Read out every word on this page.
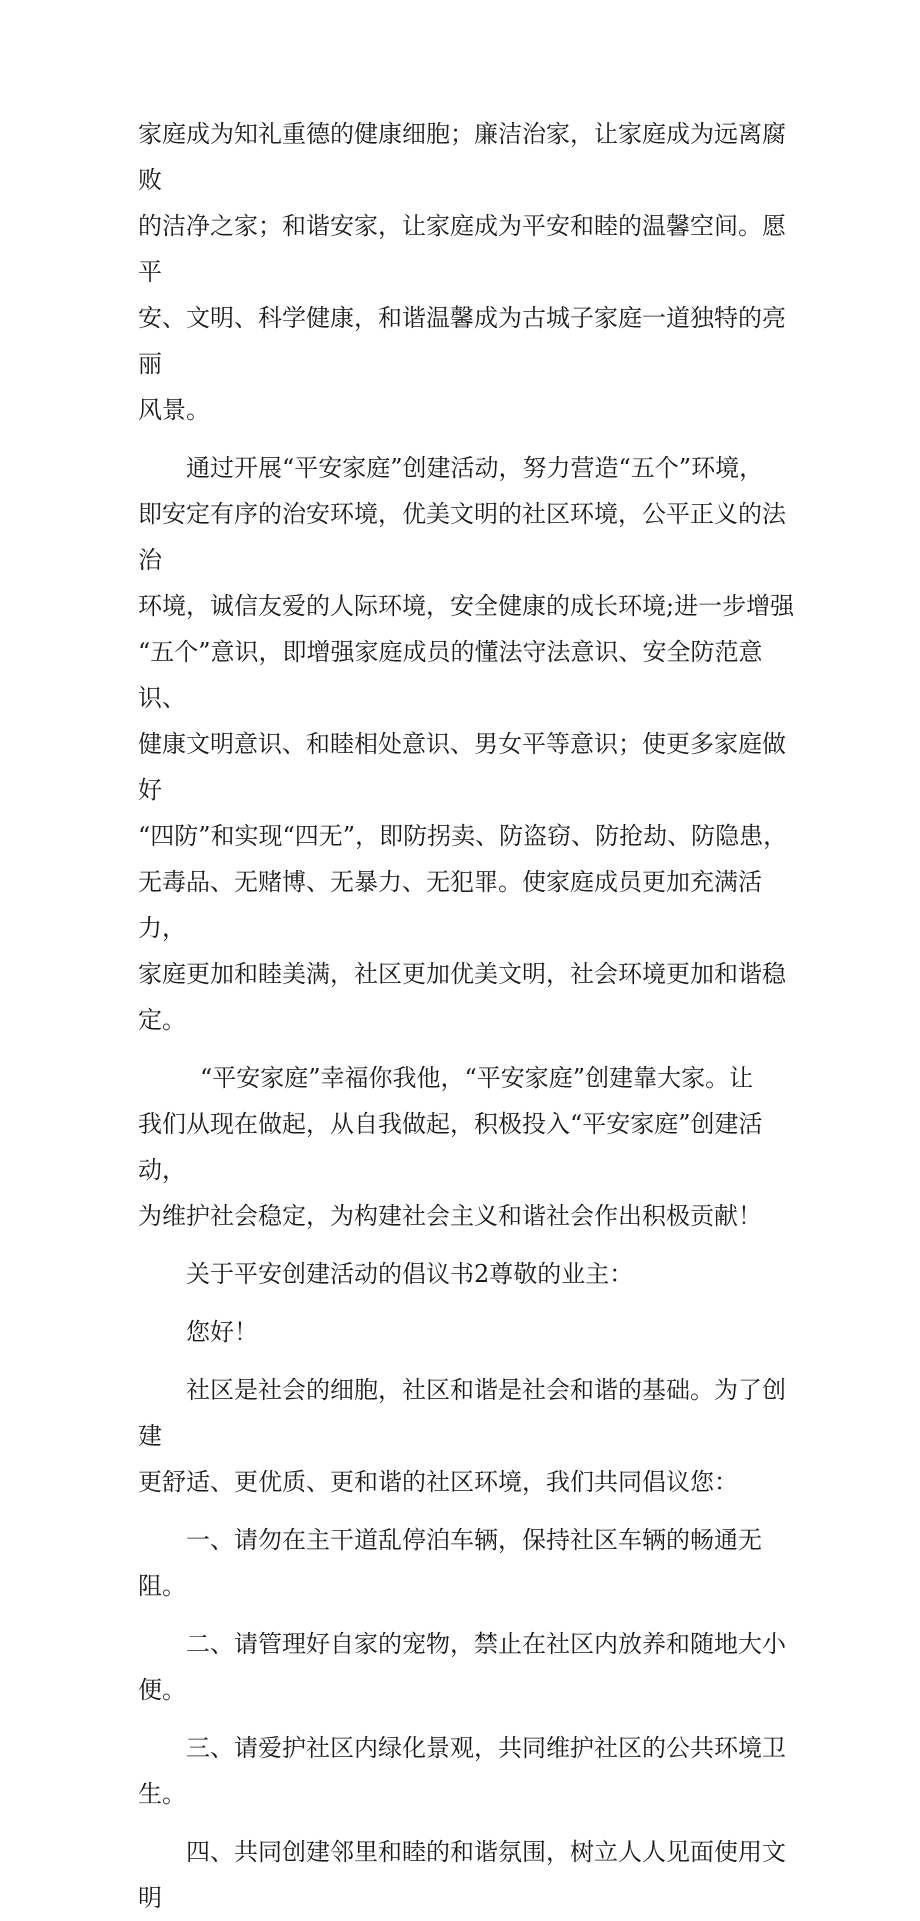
家庭成为知礼重德的健康细胞；廉洁治家，让家庭成为远离腐败
的洁净之家；和谐安家，让家庭成为平安和睦的温馨空间。愿平
安、文明、科学健康，和谐温馨成为古城子家庭一道独特的亮丽
风景。
通过开展“平安家庭”创建活动，努力营造“五个”环境，
即安定有序的治安环境，优美文明的社区环境，公平正义的法治
环境，诚信友爱的人际环境，安全健康的成长环境;进一步增强
“五个”意识，即增强家庭成员的懂法守法意识、安全防范意识、
健康文明意识、和睦相处意识、男女平等意识；使更多家庭做好
“四防”和实现“四无”，即防拐卖、防盗窃、防抢劫、防隐患，
无毒品、无赌博、无暴力、无犯罪。使家庭成员更加充满活力，
家庭更加和睦美满，社区更加优美文明，社会环境更加和谐稳定。
“平安家庭”幸福你我他，“平安家庭”创建靠大家。让
我们从现在做起，从自我做起，积极投入“平安家庭”创建活动，
为维护社会稳定，为构建社会主义和谐社会作出积极贡献！
关于平安创建活动的倡议书2尊敬的业主：
您好！
社区是社会的细胞，社区和谐是社会和谐的基础。为了创建
更舒适、更优质、更和谐的社区环境，我们共同倡议您：
一、请勿在主干道乱停泊车辆，保持社区车辆的畅通无
阻。
二、请管理好自家的宠物，禁止在社区内放养和随地大小便。
三、请爱护社区内绿化景观，共同维护社区的公共环境卫生。
四、共同创建邻里和睦的和谐氛围，树立人人见面使用文明
